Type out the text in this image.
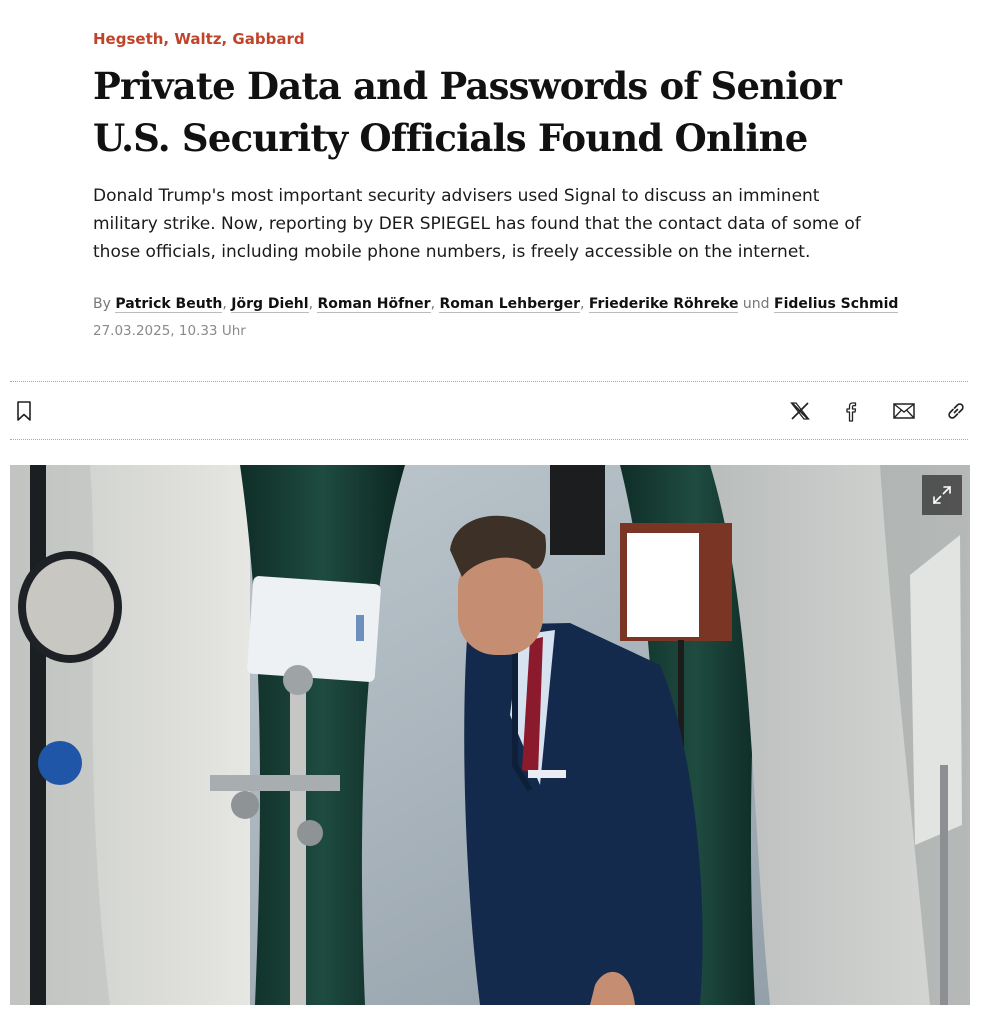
Hegseth, Waltz, Gabbard
Private Data and Passwords of Senior U.S. Security Officials Found Online

Donald Trump's most important security advisers used Signal to discuss an imminent military strike. Now, reporting by DER SPIEGEL has found that the contact data of some of those officials, including mobile phone numbers, is freely accessible on the internet.

By Patrick Beuth, Jörg Diehl, Roman Höfner, Roman Lehberger, Friederike Röhreke und Fidelius Schmid
27.03.2025, 10.33 Uhr
